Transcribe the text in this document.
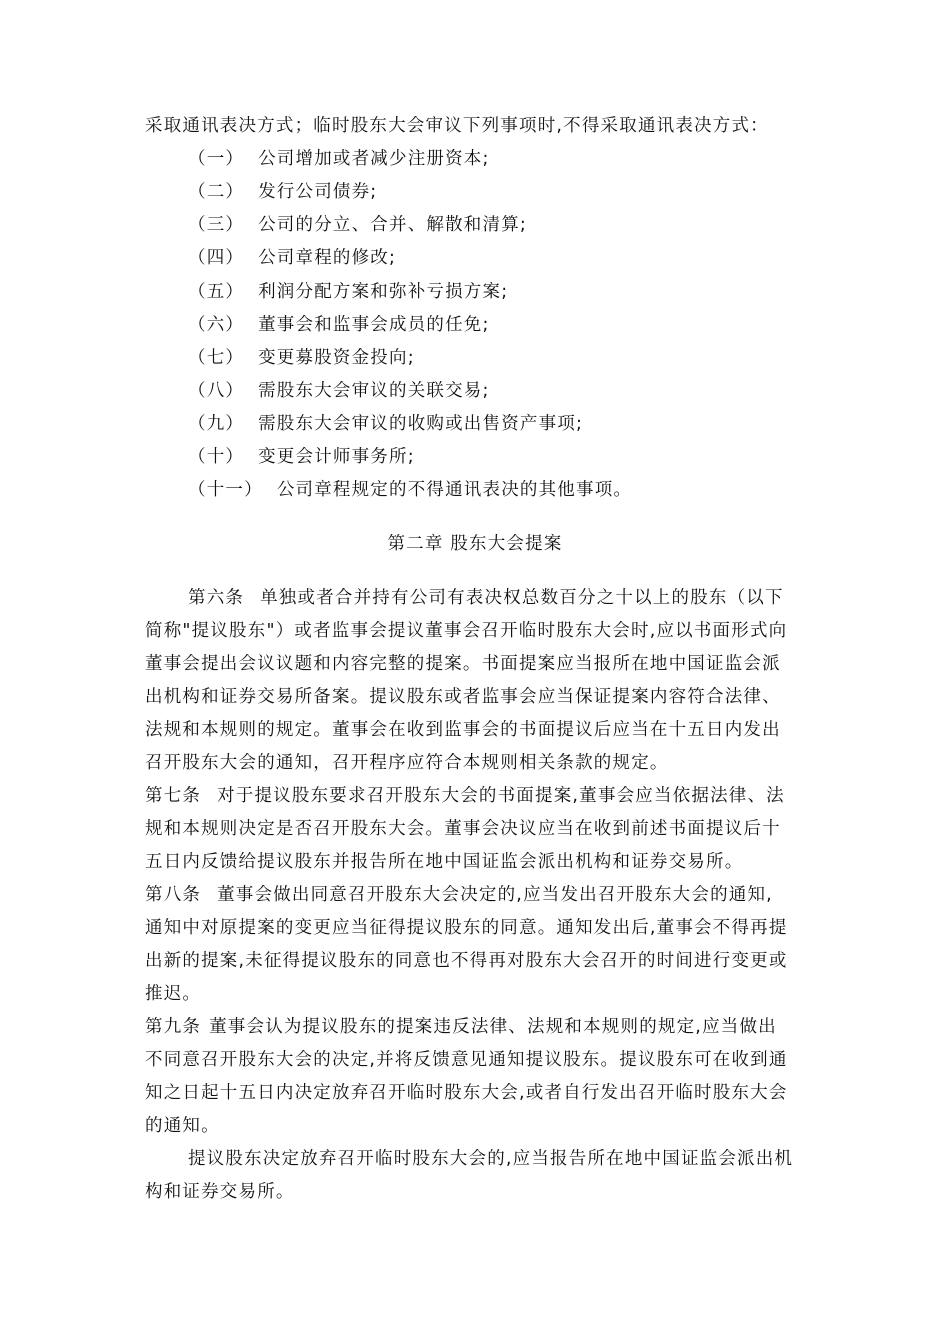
采取通讯表决方式；临时股东大会审议下列事项时,不得采取通讯表决方式：
（一） 公司增加或者减少注册资本;
（二） 发行公司债券;
（三） 公司的分立、合并、解散和清算;
（四） 公司章程的修改;
（五） 利润分配方案和弥补亏损方案;
（六） 董事会和监事会成员的任免;
（七） 变更募股资金投向;
（八） 需股东大会审议的关联交易;
（九） 需股东大会审议的收购或出售资产事项;
（十） 变更会计师事务所;
（十一） 公司章程规定的不得通讯表决的其他事项。
第二章 股东大会提案
第六条 单独或者合并持有公司有表决权总数百分之十以上的股东（以下
简称"提议股东"）或者监事会提议董事会召开临时股东大会时,应以书面形式向
董事会提出会议议题和内容完整的提案。书面提案应当报所在地中国证监会派
出机构和证券交易所备案。提议股东或者监事会应当保证提案内容符合法律、
法规和本规则的规定。董事会在收到监事会的书面提议后应当在十五日内发出
召开股东大会的通知，召开程序应符合本规则相关条款的规定。
第七条 对于提议股东要求召开股东大会的书面提案,董事会应当依据法律、法
规和本规则决定是否召开股东大会。董事会决议应当在收到前述书面提议后十
五日内反馈给提议股东并报告所在地中国证监会派出机构和证券交易所。
第八条 董事会做出同意召开股东大会决定的,应当发出召开股东大会的通知,
通知中对原提案的变更应当征得提议股东的同意。通知发出后,董事会不得再提
出新的提案,未征得提议股东的同意也不得再对股东大会召开的时间进行变更或
推迟。
第九条 董事会认为提议股东的提案违反法律、法规和本规则的规定,应当做出
不同意召开股东大会的决定,并将反馈意见通知提议股东。提议股东可在收到通
知之日起十五日内决定放弃召开临时股东大会,或者自行发出召开临时股东大会
的通知。
提议股东决定放弃召开临时股东大会的,应当报告所在地中国证监会派出机
构和证券交易所。
